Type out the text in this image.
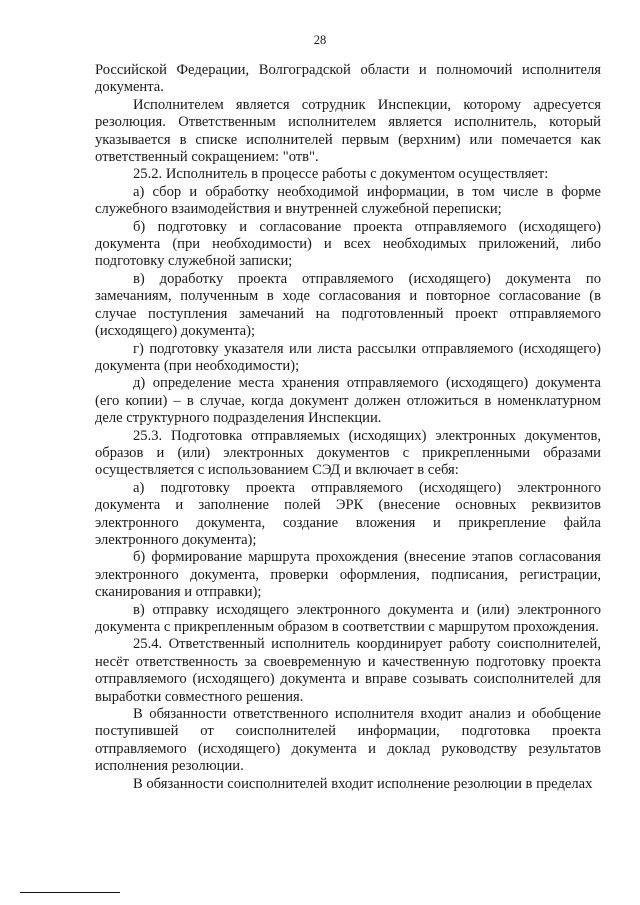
28

Российской Федерации, Волгоградской области и полномочий исполнителя документа.

Исполнителем является сотрудник Инспекции, которому адресуется резолюция. Ответственным исполнителем является исполнитель, который указывается в списке исполнителей первым (верхним) или помечается как ответственный сокращением: "отв".

25.2. Исполнитель в процессе работы с документом осуществляет:

а) сбор и обработку необходимой информации, в том числе в форме служебного взаимодействия и внутренней служебной переписки;

б) подготовку и согласование проекта отправляемого (исходящего) документа (при необходимости) и всех необходимых приложений, либо подготовку служебной записки;

в) доработку проекта отправляемого (исходящего) документа по замечаниям, полученным в ходе согласования и повторное согласование (в случае поступления замечаний на подготовленный проект отправляемого (исходящего) документа);

г) подготовку указателя или листа рассылки отправляемого (исходящего) документа (при необходимости);

д) определение места хранения отправляемого (исходящего) документа (его копии) – в случае, когда документ должен отложиться в номенклатурном деле структурного подразделения Инспекции.

25.3. Подготовка отправляемых (исходящих) электронных документов, образов и (или) электронных документов с прикрепленными образами осуществляется с использованием СЭД и включает в себя:

а) подготовку проекта отправляемого (исходящего) электронного документа и заполнение полей ЭРК (внесение основных реквизитов электронного документа, создание вложения и прикрепление файла электронного документа);

б) формирование маршрута прохождения (внесение этапов согласования электронного документа, проверки оформления, подписания, регистрации, сканирования и отправки);

в) отправку исходящего электронного документа и (или) электронного документа с прикрепленным образом в соответствии с маршрутом прохождения.

25.4. Ответственный исполнитель координирует работу соисполнителей, несёт ответственность за своевременную и качественную подготовку проекта отправляемого (исходящего) документа и вправе созывать соисполнителей для выработки совместного решения.

В обязанности ответственного исполнителя входит анализ и обобщение поступившей от соисполнителей информации, подготовка проекта отправляемого (исходящего) документа и доклад руководству результатов исполнения резолюции.

В обязанности соисполнителей входит исполнение резолюции в пределах
